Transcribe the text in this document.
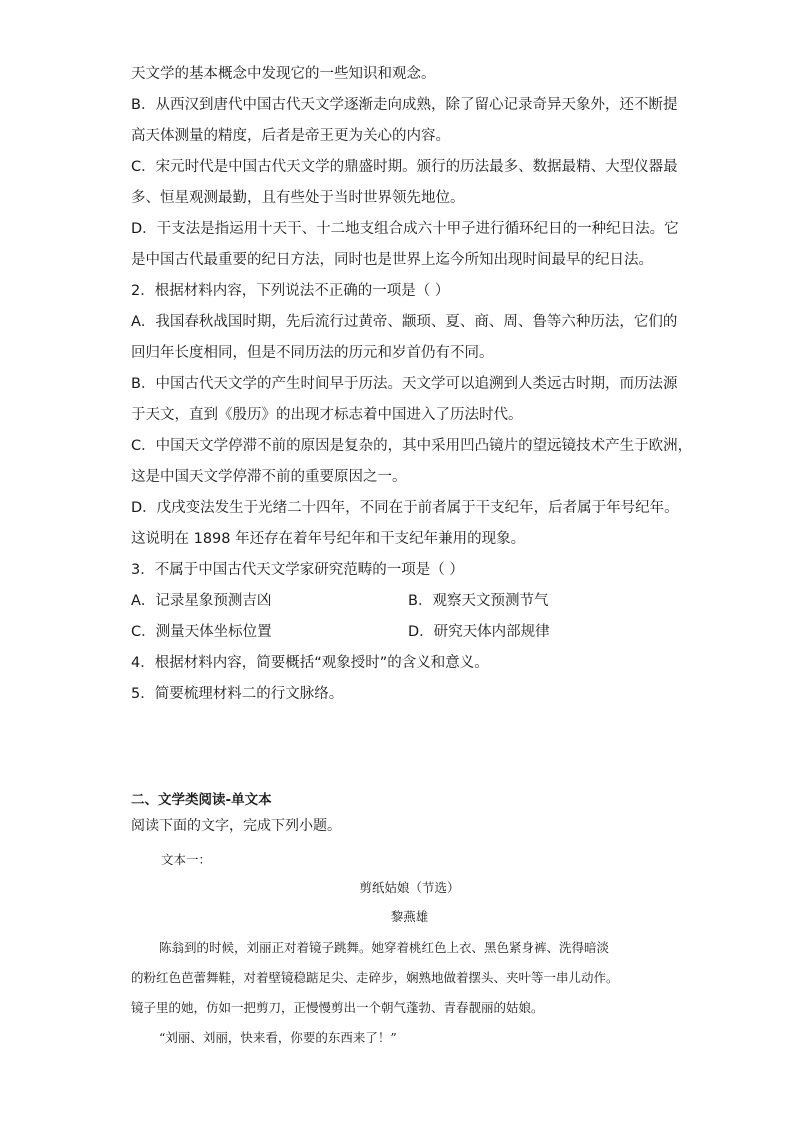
天文学的基本概念中发现它的一些知识和观念。
B．从西汉到唐代中国古代天文学逐渐走向成熟，除了留心记录奇异天象外，还不断提
高天体测量的精度，后者是帝王更为关心的内容。
C．宋元时代是中国古代天文学的鼎盛时期。颁行的历法最多、数据最精、大型仪器最
多、恒星观测最勤，且有些处于当时世界领先地位。
D．干支法是指运用十天干、十二地支组合成六十甲子进行循环纪日的一种纪日法。它
是中国古代最重要的纪日方法，同时也是世界上迄今所知出现时间最早的纪日法。
2．根据材料内容，下列说法不正确的一项是（ ）
A．我国春秋战国时期，先后流行过黄帝、颛顼、夏、商、周、鲁等六种历法，它们的
回归年长度相同，但是不同历法的历元和岁首仍有不同。
B．中国古代天文学的产生时间早于历法。天文学可以追溯到人类远古时期，而历法源
于天文，直到《殷历》的出现才标志着中国进入了历法时代。
C．中国天文学停滞不前的原因是复杂的，其中采用凹凸镜片的望远镜技术产生于欧洲，
这是中国天文学停滞不前的重要原因之一。
D．戊戌变法发生于光绪二十四年，不同在于前者属于干支纪年，后者属于年号纪年。
这说明在 1898 年还存在着年号纪年和干支纪年兼用的现象。
3．不属于中国古代天文学家研究范畴的一项是（ ）
A．记录星象预测吉凶	B．观察天文预测节气
C．测量天体坐标位置	D．研究天体内部规律
4．根据材料内容，简要概括“观象授时”的含义和意义。
5．简要梳理材料二的行文脉络。
二、文学类阅读-单文本
阅读下面的文字，完成下列小题。
文本一：
剪纸姑娘（节选）
黎燕雄
陈翁到的时候，刘丽正对着镜子跳舞。她穿着桃红色上衣、黑色紧身裤、洗得暗淡
的粉红色芭蕾舞鞋，对着壁镜稳踮足尖、走碎步，娴熟地做着摆头、夹叶等一串儿动作。
镜子里的她，仿如一把剪刀，正慢慢剪出一个朝气蓬勃、青春靓丽的姑娘。
“刘丽、刘丽，快来看，你要的东西来了！”
